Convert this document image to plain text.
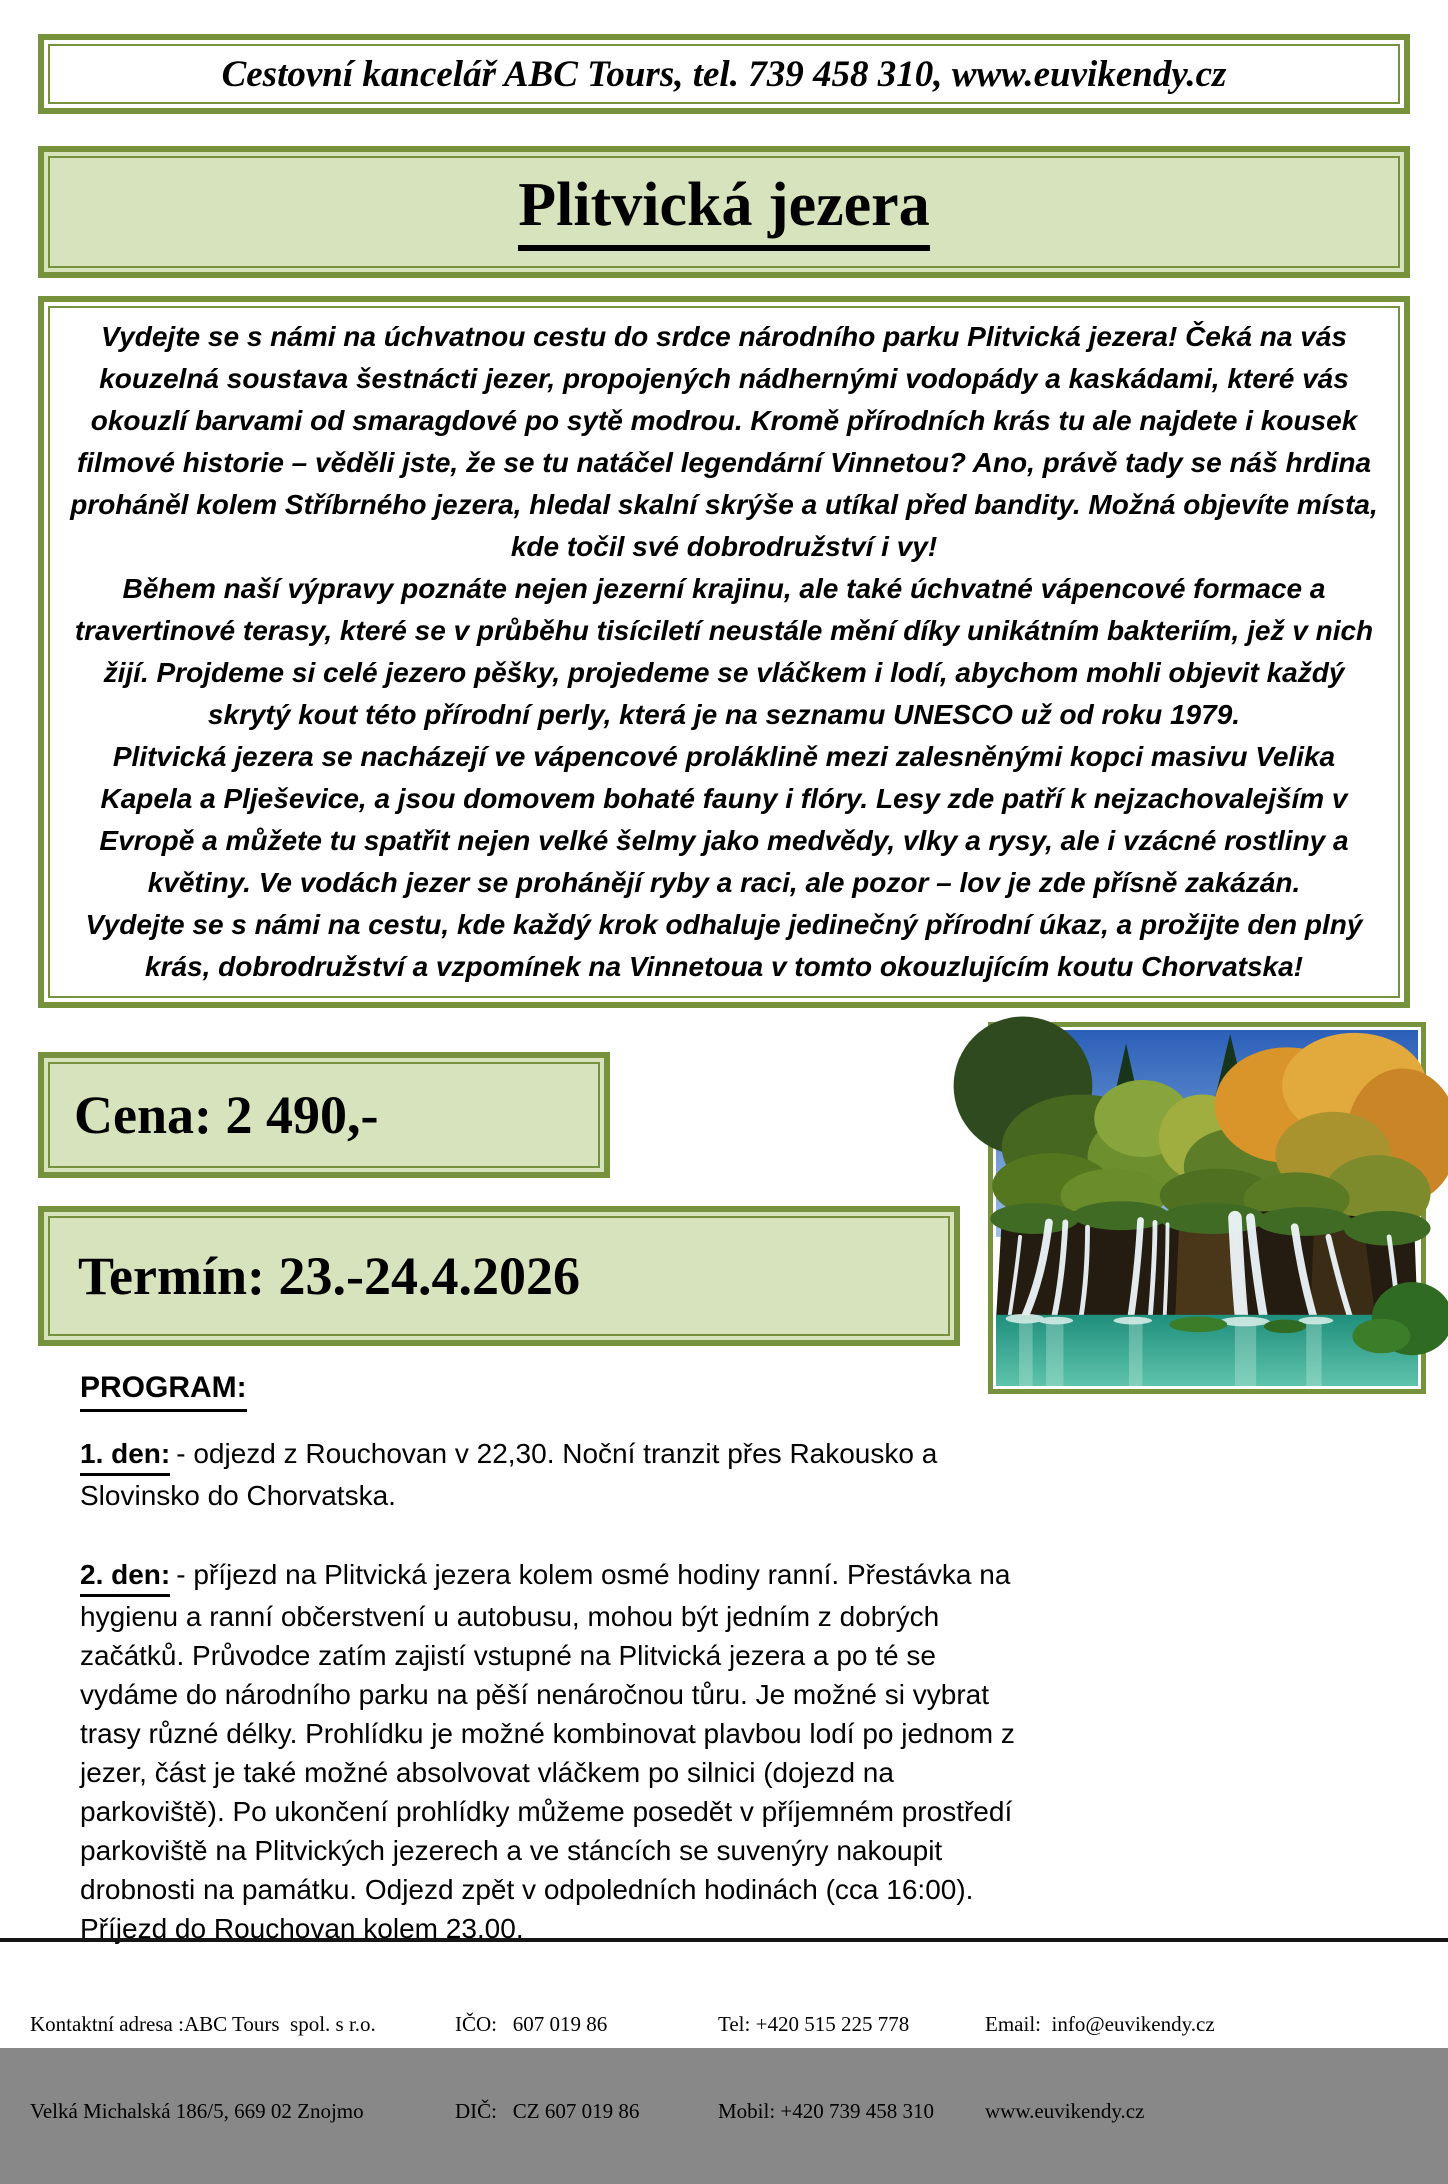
Cestovní kancelář ABC Tours, tel. 739 458 310, www.euvikendy.cz
Plitvická jezera

Vydejte se s námi na úchvatnou cestu do srdce národního parku Plitvická jezera! Čeká na vás kouzelná soustava šestnácti jezer, propojených nádhernými vodopády a kaskádami, které vás okouzlí barvami od smaragdové po sytě modrou. Kromě přírodních krás tu ale najdete i kousek filmové historie – věděli jste, že se tu natáčel legendární Vinnetou? Ano, právě tady se náš hrdina proháněl kolem Stříbrného jezera, hledal skalní skrýše a utíkal před bandity. Možná objevíte místa, kde točil své dobrodružství i vy!

Během naší výpravy poznáte nejen jezerní krajinu, ale také úchvatné vápencové formace a travertinové terasy, které se v průběhu tisíciletí neustále mění díky unikátním bakteriím, jež v nich žijí. Projdeme si celé jezero pěšky, projedeme se vláčkem i lodí, abychom mohli objevit každý skrytý kout této přírodní perly, která je na seznamu UNESCO už od roku 1979.

Plitvická jezera se nacházejí ve vápencové proláklině mezi zalesněnými kopci masivu Velika Kapela a Plješevice, a jsou domovem bohaté fauny i flóry. Lesy zde patří k nejzachovalejším v Evropě a můžete tu spatřit nejen velké šelmy jako medvědy, vlky a rysy, ale i vzácné rostliny a květiny. Ve vodách jezer se prohánějí ryby a raci, ale pozor – lov je zde přísně zakázán.

Vydejte se s námi na cestu, kde každý krok odhaluje jedinečný přírodní úkaz, a prožijte den plný krás, dobrodružství a vzpomínek na Vinnetoua v tomto okouzlujícím koutu Chorvatska!

Cena: 2 490,-
Termín: 23.-24.4.2026

PROGRAM:

1. den: - odjezd z Rouchovan v 22,30. Noční tranzit přes Rakousko a Slovinsko do Chorvatska.

2. den: - příjezd na Plitvická jezera kolem osmé hodiny ranní. Přestávka na hygienu a ranní občerstvení u autobusu, mohou být jedním z dobrých začátků. Průvodce zatím zajistí vstupné na Plitvická jezera a po té se vydáme do národního parku na pěší nenáročnou tůru. Je možné si vybrat trasy různé délky. Prohlídku je možné kombinovat plavbou lodí po jednom z jezer, část je také možné absolvovat vláčkem po silnici (dojezd na parkoviště). Po ukončení prohlídky můžeme posedět v příjemném prostředí parkoviště na Plitvických jezerech a ve stáncích se suvenýry nakoupit drobnosti na památku. Odjezd zpět v odpoledních hodinách (cca 16:00). Příjezd do Rouchovan kolem 23,00.

Kontaktní adresa :ABC Tours  spol. s r.o.

Velká Michalská 186/5, 669 02 Znojmo

IČO:   607 019 86

DIČ:   CZ 607 019 86

Tel: +420 515 225 778

Mobil: +420 739 458 310

Email:  info@euvikendy.cz

www.euvikendy.cz
